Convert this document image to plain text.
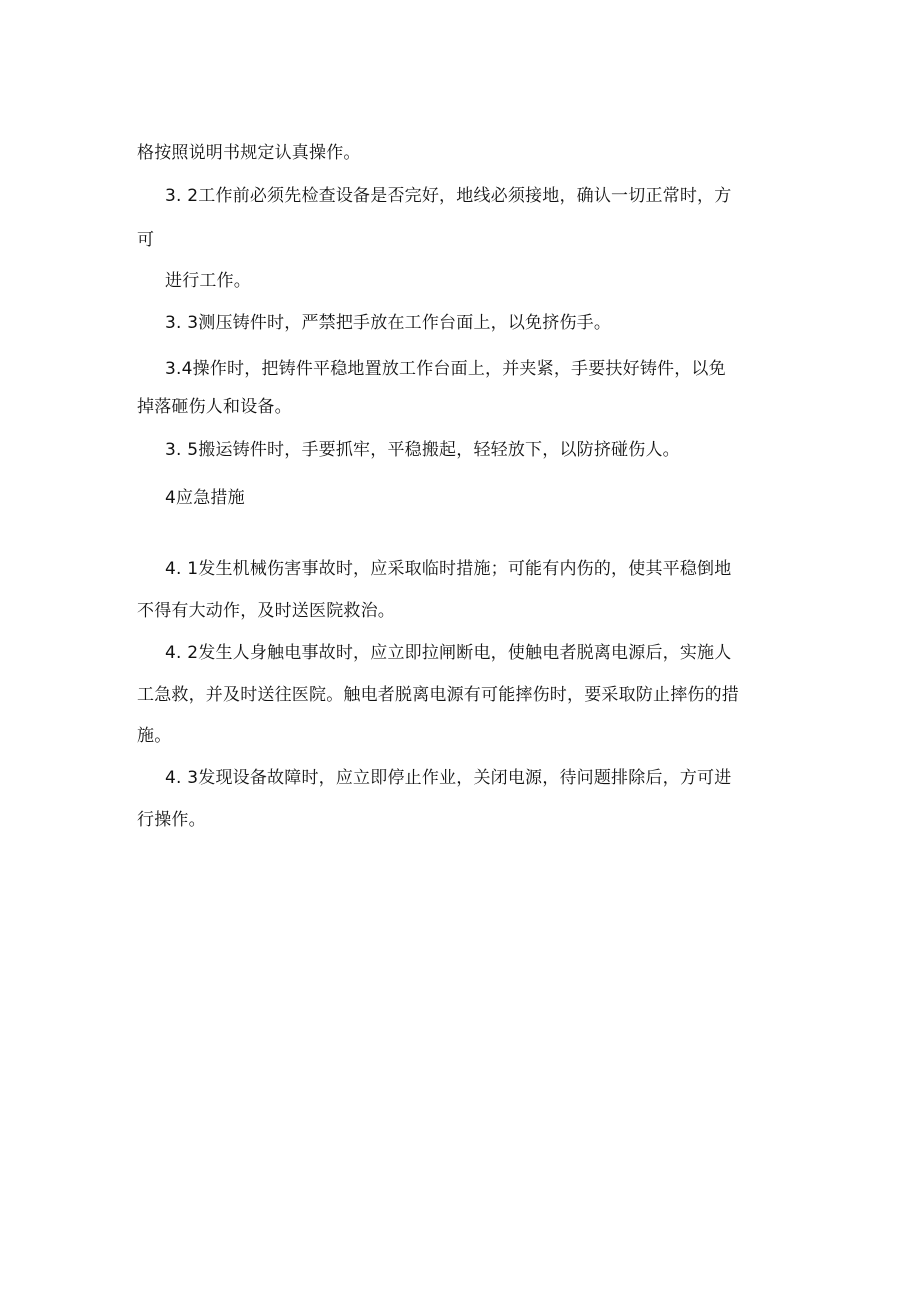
格按照说明书规定认真操作。
3. 2工作前必须先检查设备是否完好，地线必须接地，确认一切正常时，方
可
进行工作。
3. 3测压铸件时，严禁把手放在工作台面上，以免挤伤手。
3.4操作时，把铸件平稳地置放工作台面上，并夹紧，手要扶好铸件，以免
掉落砸伤人和设备。
3. 5搬运铸件时，手要抓牢，平稳搬起，轻轻放下，以防挤碰伤人。
4应急措施
4. 1发生机械伤害事故时，应采取临时措施；可能有内伤的，使其平稳倒地
不得有大动作，及时送医院救治。
4. 2发生人身触电事故时，应立即拉闸断电，使触电者脱离电源后，实施人
工急救，并及时送往医院。触电者脱离电源有可能摔伤时，要采取防止摔伤的措
施。
4. 3发现设备故障时，应立即停止作业，关闭电源，待问题排除后，方可进
行操作。
